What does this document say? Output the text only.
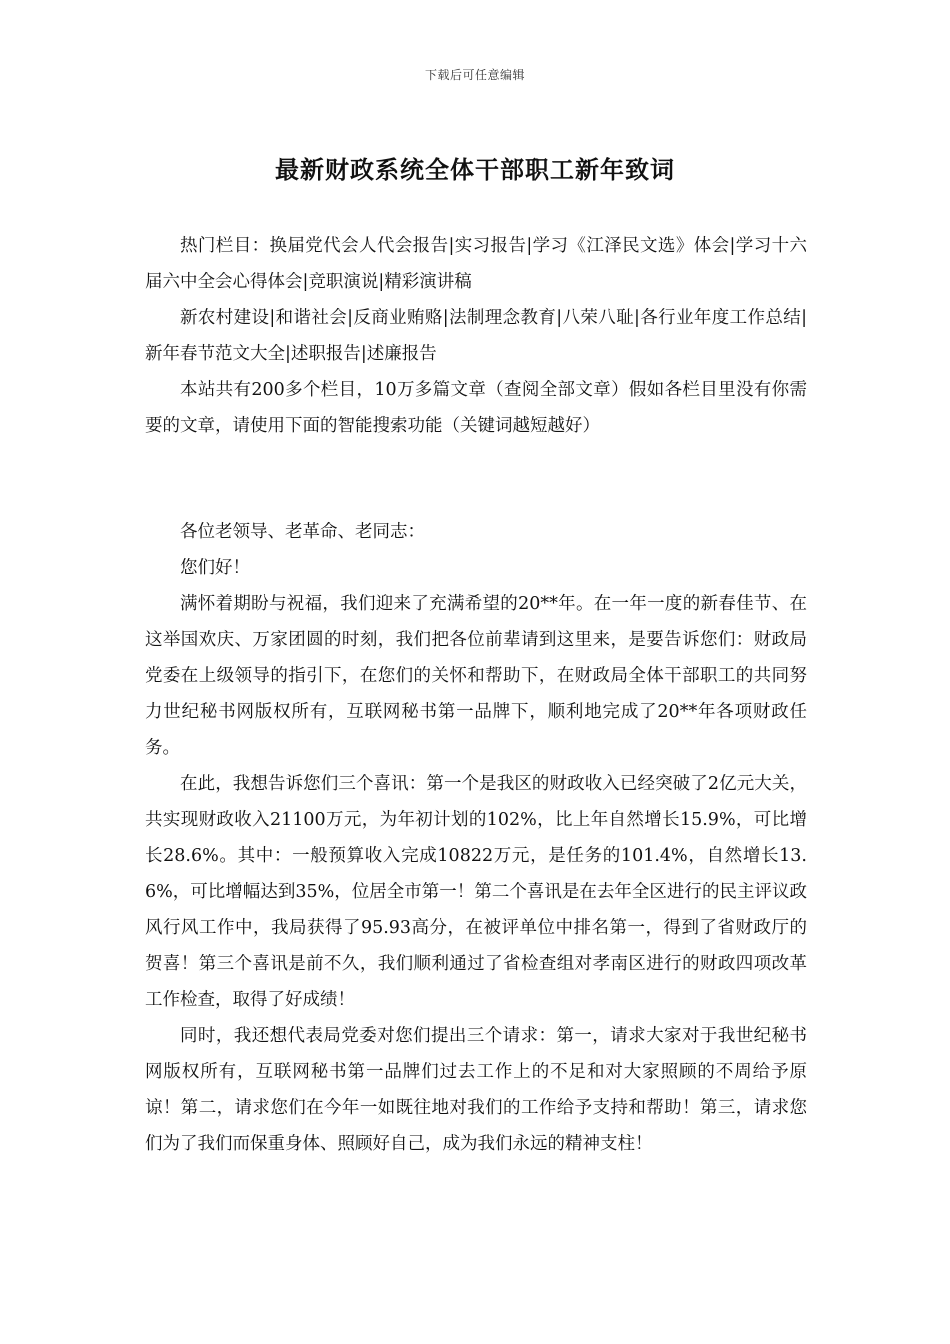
下载后可任意编辑
最新财政系统全体干部职工新年致词

热门栏目：换届党代会人代会报告|实习报告|学习《江泽民文选》体会|学习十六届六中全会心得体会|竞职演说|精彩演讲稿

新农村建设|和谐社会|反商业贿赂|法制理念教育|八荣八耻|各行业年度工作总结|新年春节范文大全|述职报告|述廉报告

本站共有200多个栏目，10万多篇文章（查阅全部文章）假如各栏目里没有你需要的文章，请使用下面的智能搜索功能（关键词越短越好）

各位老领导、老革命、老同志：

您们好！

满怀着期盼与祝福，我们迎来了充满希望的20**年。在一年一度的新春佳节、在这举国欢庆、万家团圆的时刻，我们把各位前辈请到这里来，是要告诉您们：财政局党委在上级领导的指引下，在您们的关怀和帮助下，在财政局全体干部职工的共同努力世纪秘书网版权所有，互联网秘书第一品牌下，顺利地完成了20**年各项财政任务。

在此，我想告诉您们三个喜讯：第一个是我区的财政收入已经突破了2亿元大关，共实现财政收入21100万元，为年初计划的102%，比上年自然增长15.9%，可比增长28.6%。其中：一般预算收入完成10822万元，是任务的101.4%，自然增长13.6%，可比增幅达到35%，位居全市第一！第二个喜讯是在去年全区进行的民主评议政风行风工作中，我局获得了95.93高分，在被评单位中排名第一，得到了省财政厅的贺喜！第三个喜讯是前不久，我们顺利通过了省检查组对孝南区进行的财政四项改革工作检查，取得了好成绩！

同时，我还想代表局党委对您们提出三个请求：第一，请求大家对于我世纪秘书网版权所有，互联网秘书第一品牌们过去工作上的不足和对大家照顾的不周给予原谅！第二，请求您们在今年一如既往地对我们的工作给予支持和帮助！第三，请求您们为了我们而保重身体、照顾好自己，成为我们永远的精神支柱！
